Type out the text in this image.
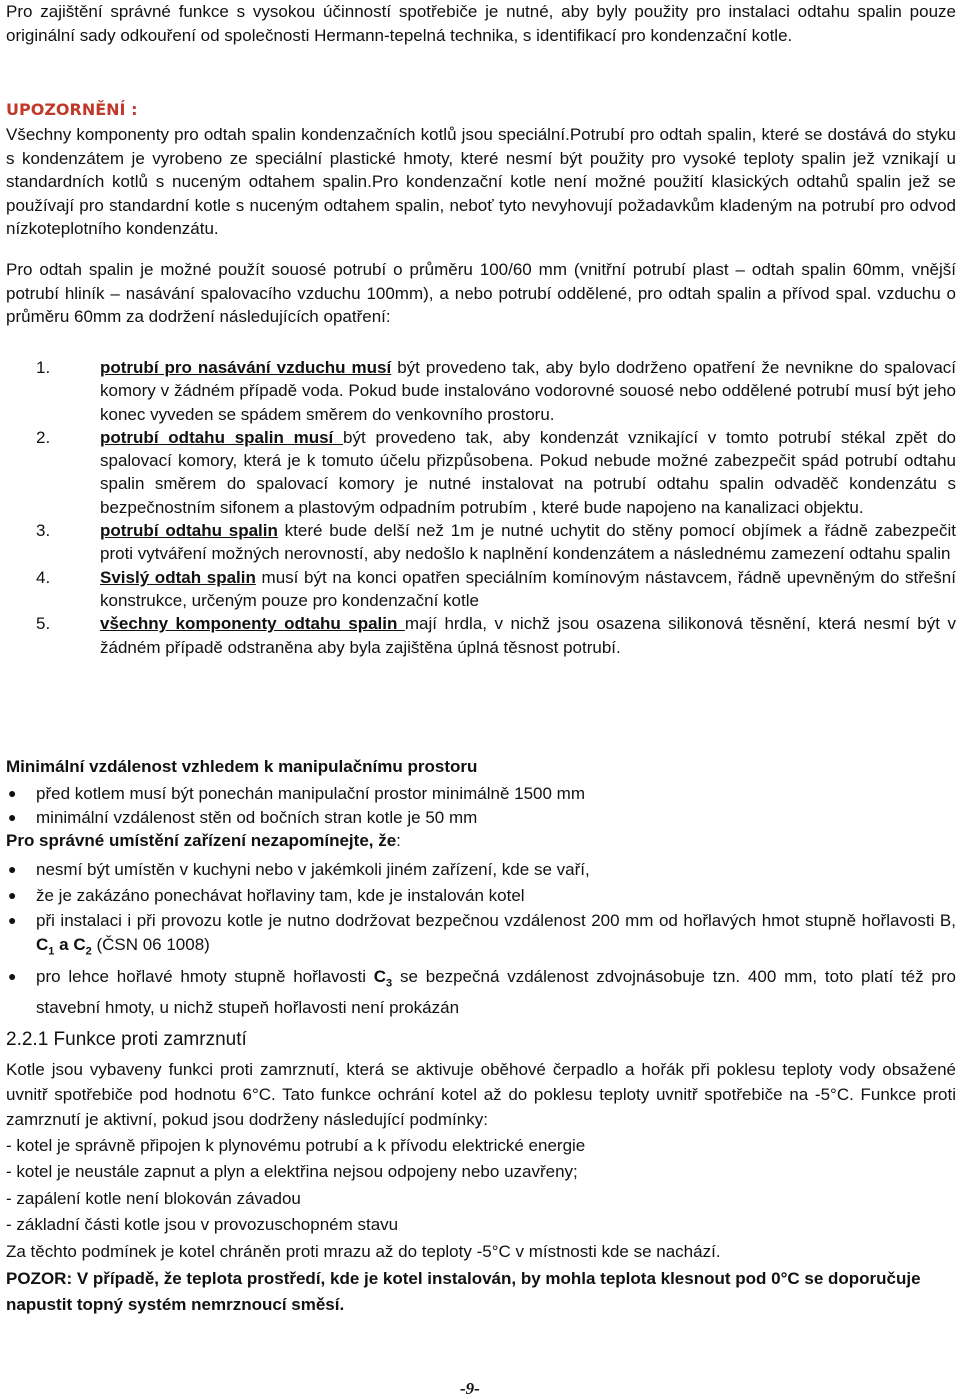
Pro zajištění správné funkce s vysokou účinností spotřebiče je nutné, aby byly použity pro instalaci odtahu spalin pouze originální sady odkouření od společnosti Hermann-tepelná technika, s identifikací pro kondenzační kotle.

UPOZORNĚNÍ :

Všechny komponenty pro odtah spalin kondenzačních kotlů jsou speciální.Potrubí pro odtah spalin, které se dostává do styku s kondenzátem je vyrobeno ze speciální plastické hmoty, které nesmí být použity pro vysoké teploty spalin jež vznikají u standardních kotlů s nuceným odtahem spalin.Pro kondenzační kotle není možné použití klasických odtahů spalin jež se používají pro standardní kotle s nuceným odtahem spalin, neboť tyto nevyhovují požadavkům kladeným na potrubí pro odvod nízkoteplotního kondenzátu.

Pro odtah spalin je možné použít souosé potrubí o průměru 100/60 mm (vnitřní potrubí plast – odtah spalin 60mm, vnější potrubí hliník – nasávání spalovacího vzduchu 100mm), a nebo potrubí oddělené, pro odtah spalin a přívod spal. vzduchu o průměru 60mm za dodržení následujících opatření:

1.	potrubí pro nasávání vzduchu musí být provedeno tak, aby bylo dodrženo opatření že nevnikne do spalovací komory v žádném případě voda. Pokud bude instalováno vodorovné souosé nebo oddělené potrubí musí být jeho konec vyveden se spádem směrem do venkovního prostoru.
2.	potrubí odtahu spalin musí být provedeno tak, aby kondenzát vznikající v tomto potrubí stékal zpět do spalovací komory, která je k tomuto účelu přizpůsobena. Pokud nebude možné zabezpečit spád potrubí odtahu spalin směrem do spalovací komory je nutné instalovat na potrubí odtahu spalin odvaděč kondenzátu s bezpečnostním sifonem a plastovým odpadním potrubím , které bude napojeno na kanalizaci objektu.
3.	potrubí odtahu spalin které bude delší než 1m je nutné uchytit do stěny pomocí objímek a řádně zabezpečit proti vytváření možných nerovností, aby nedošlo k naplnění kondenzátem a následnému zamezení odtahu spalin
4.	Svislý odtah spalin musí být na konci opatřen speciálním komínovým nástavcem, řádně upevněným do střešní konstrukce, určeným pouze pro kondenzační kotle
5.	všechny komponenty odtahu spalin mají hrdla, v nichž jsou osazena silikonová těsnění, která nesmí být v žádném případě odstraněna aby byla zajištěna úplná těsnost potrubí.
Minimální vzdálenost vzhledem k manipulačnímu prostoru
● před kotlem musí být ponechán manipulační prostor minimálně 1500 mm
● minimální vzdálenost stěn od bočních stran kotle je 50 mm
Pro správné umístění zařízení nezapomínejte, že:
● nesmí být umístěn v kuchyni nebo v jakémkoli jiném zařízení, kde se vaří,
● že je zakázáno ponechávat hořlaviny tam, kde je instalován kotel
● při instalaci i při provozu kotle je nutno dodržovat bezpečnou vzdálenost 200 mm od hořlavých hmot stupně hořlavosti B, $C_1$ a $C_2$ (ČSN 06 1008)
● pro lehce hořlavé hmoty stupně hořlavosti $C_3$ se bezpečná vzdálenost zdvojnásobuje tzn. 400 mm, toto platí též pro stavební hmoty, u nichž stupeň hořlavosti není prokázán
2.2.1 Funkce proti zamrznutí

Kotle jsou vybaveny funkci proti zamrznutí, která se aktivuje oběhové čerpadlo a hořák při poklesu teploty vody obsažené uvnitř spotřebiče pod hodnotu 6°C. Tato funkce ochrání kotel až do poklesu teploty uvnitř spotřebiče na -5°C. Funkce proti zamrznutí je aktivní, pokud jsou dodrženy následující podmínky:

- kotel je správně připojen k plynovému potrubí a k přívodu elektrické energie
- kotel je neustále zapnut a plyn a elektřina nejsou odpojeny nebo uzavřeny;
- zapálení kotle není blokován závadou
- základní části kotle jsou v provozuschopném stavu
Za těchto podmínek je kotel chráněn proti mrazu až do teploty -5°C v místnosti kde se nachází.

POZOR: V případě, že teplota prostředí, kde je kotel instalován, by mohla teplota klesnout pod 0°C se doporučuje napustit topný systém nemrznoucí směsí.

-9-
